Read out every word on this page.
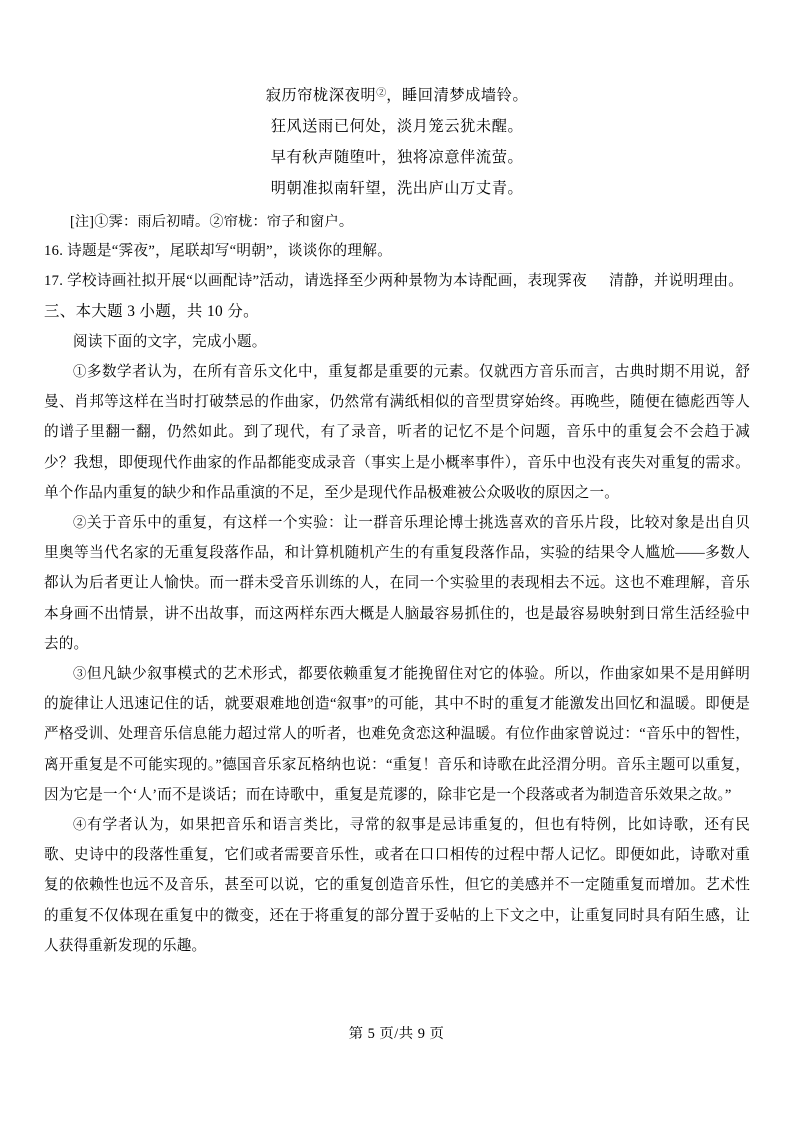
寂历帘栊深夜明②，睡回清梦成墙铃。
狂风送雨已何处，淡月笼云犹未醒。
早有秋声随堕叶，独将凉意伴流萤。
明朝准拟南轩望，洗出庐山万丈青。
[注]①霁：雨后初晴。②帘栊：帘子和窗户。
16. 诗题是“霁夜”，尾联却写“明朝”，谈谈你的理解。
17. 学校诗画社拟开展“以画配诗”活动，请选择至少两种景物为本诗配画，表现霁夜 清静，并说明理由。
三、本大题 3 小题，共 10 分。
阅读下面的文字，完成小题。

①多数学者认为，在所有音乐文化中，重复都是重要的元素。仅就西方音乐而言，古典时期不用说，舒曼、肖邦等这样在当时打破禁忌的作曲家，仍然常有满纸相似的音型贯穿始终。再晚些，随便在德彪西等人的谱子里翻一翻，仍然如此。到了现代，有了录音，听者的记忆不是个问题，音乐中的重复会不会趋于减少？我想，即便现代作曲家的作品都能变成录音（事实上是小概率事件），音乐中也没有丧失对重复的需求。单个作品内重复的缺少和作品重演的不足，至少是现代作品极难被公众吸收的原因之一。

②关于音乐中的重复，有这样一个实验：让一群音乐理论博士挑选喜欢的音乐片段，比较对象是出自贝里奥等当代名家的无重复段落作品，和计算机随机产生的有重复段落作品，实验的结果令人尴尬——多数人都认为后者更让人愉快。而一群未受音乐训练的人，在同一个实验里的表现相去不远。这也不难理解，音乐本身画不出情景，讲不出故事，而这两样东西大概是人脑最容易抓住的，也是最容易映射到日常生活经验中去的。

③但凡缺少叙事模式的艺术形式，都要依赖重复才能挽留住对它的体验。所以，作曲家如果不是用鲜明的旋律让人迅速记住的话，就要艰难地创造“叙事”的可能，其中不时的重复才能激发出回忆和温暖。即便是严格受训、处理音乐信息能力超过常人的听者，也难免贪恋这种温暖。有位作曲家曾说过：“音乐中的智性，离开重复是不可能实现的。”德国音乐家瓦格纳也说：“重复！音乐和诗歌在此泾渭分明。音乐主题可以重复，因为它是一个‘人’而不是谈话；而在诗歌中，重复是荒谬的，除非它是一个段落或者为制造音乐效果之故。”

④有学者认为，如果把音乐和语言类比，寻常的叙事是忌讳重复的，但也有特例，比如诗歌，还有民歌、史诗中的段落性重复，它们或者需要音乐性，或者在口口相传的过程中帮人记忆。即便如此，诗歌对重复的依赖性也远不及音乐，甚至可以说，它的重复创造音乐性，但它的美感并不一定随重复而增加。艺术性的重复不仅体现在重复中的微变，还在于将重复的部分置于妥帖的上下文之中，让重复同时具有陌生感，让人获得重新发现的乐趣。

第 5 页/共 9 页
